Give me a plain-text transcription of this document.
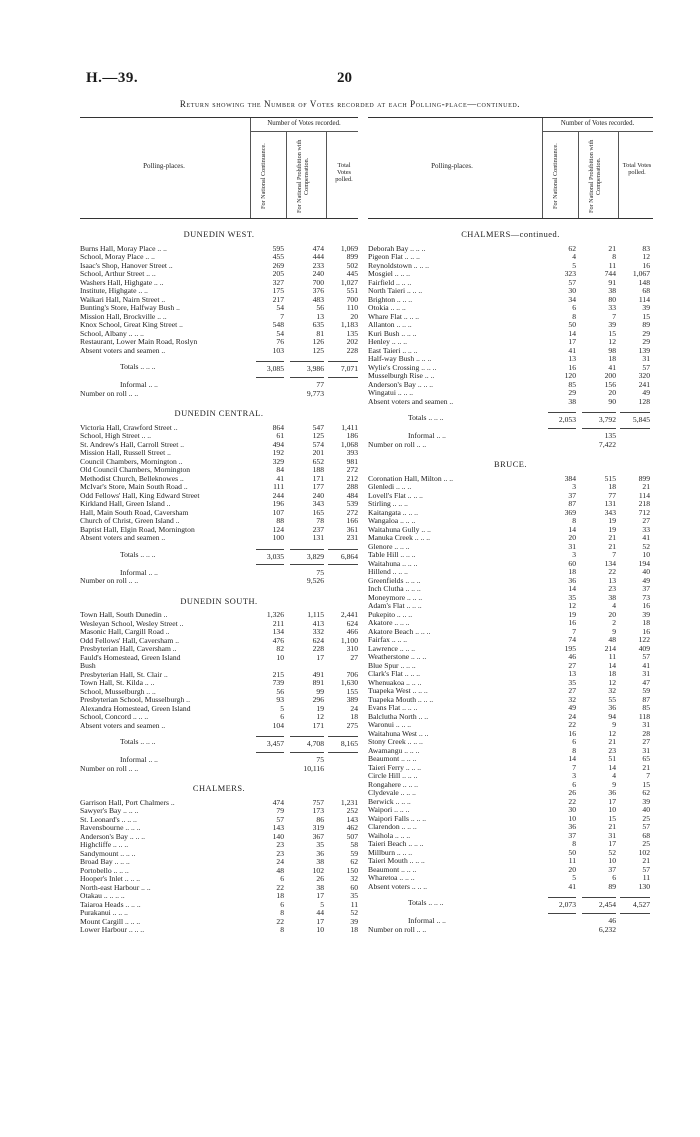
H.—39.	20
Return showing the Number of Votes recorded at each Polling-place—continued.
Polling-places.
Number of Votes recorded.
For National Continuance.	For National Prohibition with Compensation.	Total Votes polled.
DUNEDIN WEST.
Burns Hall, Moray Place .. ..	595	474	1,069
School, Moray Place .. ..	455	444	899
Isaac's Shop, Hanover Street ..	269	233	502
School, Arthur Street .. ..	205	240	445
Washers Hall, Highgate .. ..	327	700	1,027
Institute, Highgate .. ..	175	376	551
Waikari Hall, Nairn Street ..	217	483	700
Bunting's Store, Halfway Bush ..	54	56	110
Mission Hall, Brockville .. ..	7	13	20
Knox School, Great King Street ..	548	635	1,183
School, Albany .. .. ..	54	81	135
Restaurant, Lower Main Road, Roslyn	76	126	202
Absent voters and seamen ..	103	125	228
Totals .. .. ..	3,085	3,986	7,071
Informal .. ..	77
Number on roll .. ..	9,773
DUNEDIN CENTRAL.
Victoria Hall, Crawford Street ..	864	547	1,411
School, High Street .. ..	61	125	186
St. Andrew's Hall, Carroll Street ..	494	574	1,068
Mission Hall, Russell Street ..	192	201	393
Council Chambers, Mornington ..	329	652	981
Old Council Chambers, Mornington	84	188	272
Methodist Church, Belleknowes ..	41	171	212
McIvar's Store, Main South Road ..	111	177	288
Odd Fellows' Hall, King Edward Street	244	240	484
Kirkland Hall, Green Island ..	196	343	539
Hall, Main South Road, Caversham	107	165	272
Church of Christ, Green Island ..	88	78	166
Baptist Hall, Elgin Road, Mornington	124	237	361
Absent voters and seamen ..	100	131	231
Totals .. .. ..	3,035	3,829	6,864
Informal .. ..	75
Number on roll .. ..	9,526
DUNEDIN SOUTH.
Town Hall, South Dunedin ..	1,326	1,115	2,441
Wesleyan School, Wesley Street ..	211	413	624
Masonic Hall, Cargill Road ..	134	332	466
Odd Fellows' Hall, Caversham ..	476	624	1,100
Presbyterian Hall, Caversham ..	82	228	310
Fauld's Homestead, Green Island	10	17	27
Bush
Presbyterian Hall, St. Clair ..	215	491	706
Town Hall, St. Kilda .. ..	739	891	1,630
School, Musselburgh .. ..	56	99	155
Presbyterian School, Musselburgh ..	93	296	389
Alexandra Homestead, Green Island	5	19	24
School, Concord .. .. ..	6	12	18
Absent voters and seamen ..	104	171	275
Totals .. .. ..	3,457	4,708	8,165
Informal .. ..	75
Number on roll .. ..	10,116
CHALMERS.
Garrison Hall, Port Chalmers ..	474	757	1,231
Sawyer's Bay .. .. ..	79	173	252
St. Leonard's .. .. ..	57	86	143
Ravensbourne .. .. ..	143	319	462
Anderson's Bay .. .. ..	140	367	507
Highcliffe .. .. ..	23	35	58
Sandymount .. .. ..	23	36	59
Broad Bay .. .. ..	24	38	62
Portobello .. .. ..	48	102	150
Hooper's Inlet .. .. ..	6	26	32
North-east Harbour .. ..	22	38	60
Otakau .. .. .. ..	18	17	35
Taiaroa Heads .. .. ..	6	5	11
Purakanui .. .. ..	8	44	52
Mount Cargill .. .. ..	22	17	39
Lower Harbour .. .. ..	8	10	18
Polling-places.
Number of Votes recorded.
For National Continuance.	For National Prohibition with Compensation.	Total Votes polled.
CHALMERS—continued.
Deborah Bay .. .. ..	62	21	83
Pigeon Flat .. .. ..	4	8	12
Reynoldstown .. .. ..	5	11	16
Mosgiel .. .. ..	323	744	1,067
Fairfield .. .. ..	57	91	148
North Taieri .. .. ..	30	38	68
Brighton .. .. ..	34	80	114
Otokia .. .. ..	6	33	39
Whare Flat .. .. ..	8	7	15
Allanton .. .. ..	50	39	89
Kuri Bush .. .. ..	14	15	29
Henley .. .. ..	17	12	29
East Taieri .. .. ..	41	98	139
Half-way Bush .. .. ..	13	18	31
Wylie's Crossing .. .. ..	16	41	57
Musselburgh Rise .. ..	120	200	320
Anderson's Bay .. .. ..	85	156	241
Wingatui .. .. ..	29	20	49
Absent voters and seamen ..	38	90	128
Totals .. .. ..	2,053	3,792	5,845
Informal .. ..	135
Number on roll .. ..	7,422
BRUCE.
Coronation Hall, Milton .. ..	384	515	899
Glenledi .. .. ..	3	18	21
Lovell's Flat .. .. ..	37	77	114
Stirling .. .. ..	87	131	218
Kaitangata .. .. ..	369	343	712
Wangaloa .. .. ..	8	19	27
Waitahuna Gully .. ..	14	19	33
Manuka Creek .. .. ..	20	21	41
Glenore .. .. ..	31	21	52
Table Hill .. .. ..	3	7	10
Waitahuna .. .. ..	60	134	194
Hillend .. .. ..	18	22	40
Greenfields .. .. ..	36	13	49
Inch Clutha .. .. ..	14	23	37
Moneymore .. .. ..	35	38	73
Adam's Flat .. .. ..	12	4	16
Pukepito .. .. ..	19	20	39
Akatore .. .. ..	16	2	18
Akatore Beach .. .. ..	7	9	16
Fairfax .. .. ..	74	48	122
Lawrence .. .. ..	195	214	409
Weatherstone .. .. ..	46	11	57
Blue Spur .. .. ..	27	14	41
Clark's Flat .. .. ..	13	18	31
Whenuakoa .. .. ..	35	12	47
Tuapeka West .. .. ..	27	32	59
Tuapeka Mouth .. .. ..	32	55	87
Evans Flat .. .. ..	49	36	85
Balclutha North .. ..	24	94	118
Waronui .. .. ..	22	9	31
Waitahuna West .. ..	16	12	28
Stony Creek .. .. ..	6	21	27
Awamangu .. .. ..	8	23	31
Beaumont .. .. ..	14	51	65
Taieri Ferry .. .. ..	7	14	21
Circle Hill .. .. ..	3	4	7
Rongahere .. .. ..	6	9	15
Clydevale .. .. ..	26	36	62
Berwick .. .. ..	22	17	39
Waipori .. .. ..	30	10	40
Waipori Falls .. .. ..	10	15	25
Clarendon .. .. ..	36	21	57
Waihola .. .. ..	37	31	68
Taieri Beach .. .. ..	8	17	25
Millburn .. .. ..	50	52	102
Taieri Mouth .. .. ..	11	10	21
Beaumont .. .. ..	20	37	57
Wharetoa .. .. ..	5	6	11
Absent voters .. .. ..	41	89	130
Totals .. .. ..	2,073	2,454	4,527
Informal .. ..	46
Number on roll .. ..	6,232
